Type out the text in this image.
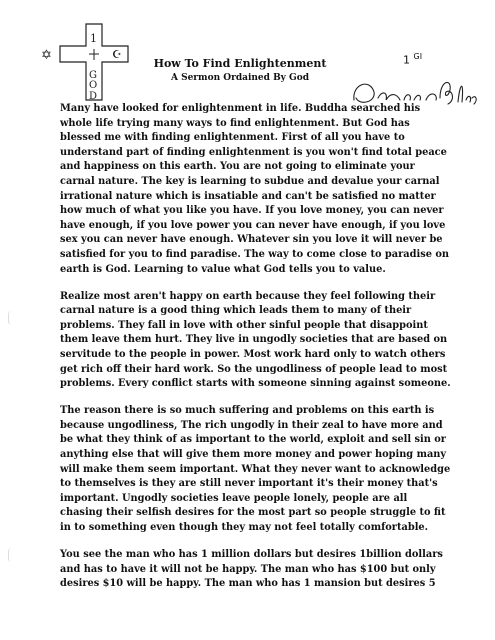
✡	☪
1
G
O
D
How To Find Enlightenment
A Sermon Ordained By God
1 $^{GI}$

Many have looked for enlightenment in life. Buddha searched his whole life trying many ways to find enlightenment. But God has blessed me with finding enlightenment. First of all you have to understand part of finding enlightenment is you won't find total peace and happiness on this earth. You are not going to eliminate your carnal nature. The key is learning to subdue and devalue your carnal irrational nature which is insatiable and can't be satisfied no matter how much of what you like you have. If you love money, you can never have enough, if you love power you can never have enough, if you love sex you can never have enough. Whatever sin you love it will never be satisfied for you to find paradise. The way to come close to paradise on earth is God. Learning to value what God tells you to value.

Realize most aren't happy on earth because they feel following their carnal nature is a good thing which leads them to many of their problems. They fall in love with other sinful people that disappoint them leave them hurt. They live in ungodly societies that are based on servitude to the people in power. Most work hard only to watch others get rich off their hard work. So the ungodliness of people lead to most problems. Every conflict starts with someone sinning against someone.

The reason there is so much suffering and problems on this earth is because ungodliness, The rich ungodly in their zeal to have more and be what they think of as important to the world, exploit and sell sin or anything else that will give them more money and power hoping many will make them seem important. What they never want to acknowledge to themselves is they are still never important it's their money that's important. Ungodly societies leave people lonely, people are all chasing their selfish desires for the most part so people struggle to fit in to something even though they may not feel totally comfortable.

You see the man who has 1 million dollars but desires 1billion dollars and has to have it will not be happy. The man who has $100 but only desires $10 will be happy. The man who has 1 mansion but desires 5
